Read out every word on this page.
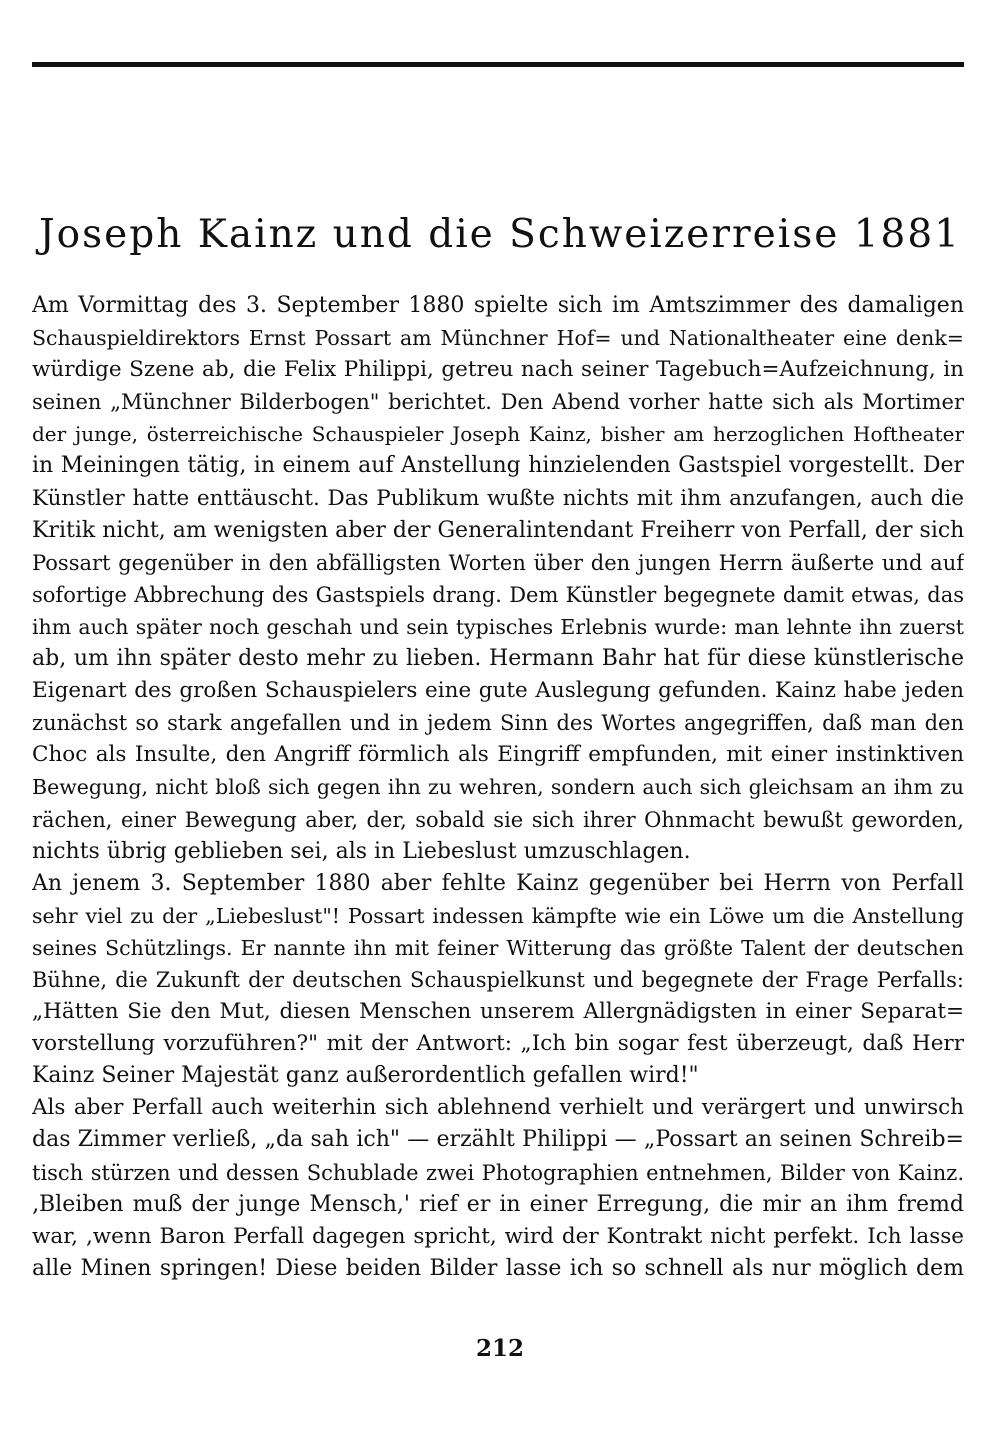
Joseph Kainz und die Schweizerreise 1881
Am Vormittag des 3. September 1880 spielte sich im Amtszimmer des damaligen
Schauspieldirektors Ernst Possart am Münchner Hof= und Nationaltheater eine denk=
würdige Szene ab, die Felix Philippi, getreu nach seiner Tagebuch=Aufzeichnung, in
seinen „Münchner Bilderbogen" berichtet. Den Abend vorher hatte sich als Mortimer
der junge, österreichische Schauspieler Joseph Kainz, bisher am herzoglichen Hoftheater
in Meiningen tätig, in einem auf Anstellung hinzielenden Gastspiel vorgestellt. Der
Künstler hatte enttäuscht. Das Publikum wußte nichts mit ihm anzufangen, auch die
Kritik nicht, am wenigsten aber der Generalintendant Freiherr von Perfall, der sich
Possart gegenüber in den abfälligsten Worten über den jungen Herrn äußerte und auf
sofortige Abbrechung des Gastspiels drang. Dem Künstler begegnete damit etwas, das
ihm auch später noch geschah und sein typisches Erlebnis wurde: man lehnte ihn zuerst
ab, um ihn später desto mehr zu lieben. Hermann Bahr hat für diese künstlerische
Eigenart des großen Schauspielers eine gute Auslegung gefunden. Kainz habe jeden
zunächst so stark angefallen und in jedem Sinn des Wortes angegriffen, daß man den
Choc als Insulte, den Angriff förmlich als Eingriff empfunden, mit einer instinktiven
Bewegung, nicht bloß sich gegen ihn zu wehren, sondern auch sich gleichsam an ihm zu
rächen, einer Bewegung aber, der, sobald sie sich ihrer Ohnmacht bewußt geworden,
nichts übrig geblieben sei, als in Liebeslust umzuschlagen.
An jenem 3. September 1880 aber fehlte Kainz gegenüber bei Herrn von Perfall
sehr viel zu der „Liebeslust"! Possart indessen kämpfte wie ein Löwe um die Anstellung
seines Schützlings. Er nannte ihn mit feiner Witterung das größte Talent der deutschen
Bühne, die Zukunft der deutschen Schauspielkunst und begegnete der Frage Perfalls:
„Hätten Sie den Mut, diesen Menschen unserem Allergnädigsten in einer Separat=
vorstellung vorzuführen?" mit der Antwort: „Ich bin sogar fest überzeugt, daß Herr
Kainz Seiner Majestät ganz außerordentlich gefallen wird!"
Als aber Perfall auch weiterhin sich ablehnend verhielt und verärgert und unwirsch
das Zimmer verließ, „da sah ich" — erzählt Philippi — „Possart an seinen Schreib=
tisch stürzen und dessen Schublade zwei Photographien entnehmen, Bilder von Kainz.
‚Bleiben muß der junge Mensch,' rief er in einer Erregung, die mir an ihm fremd
war, ‚wenn Baron Perfall dagegen spricht, wird der Kontrakt nicht perfekt. Ich lasse
alle Minen springen! Diese beiden Bilder lasse ich so schnell als nur möglich dem
212
